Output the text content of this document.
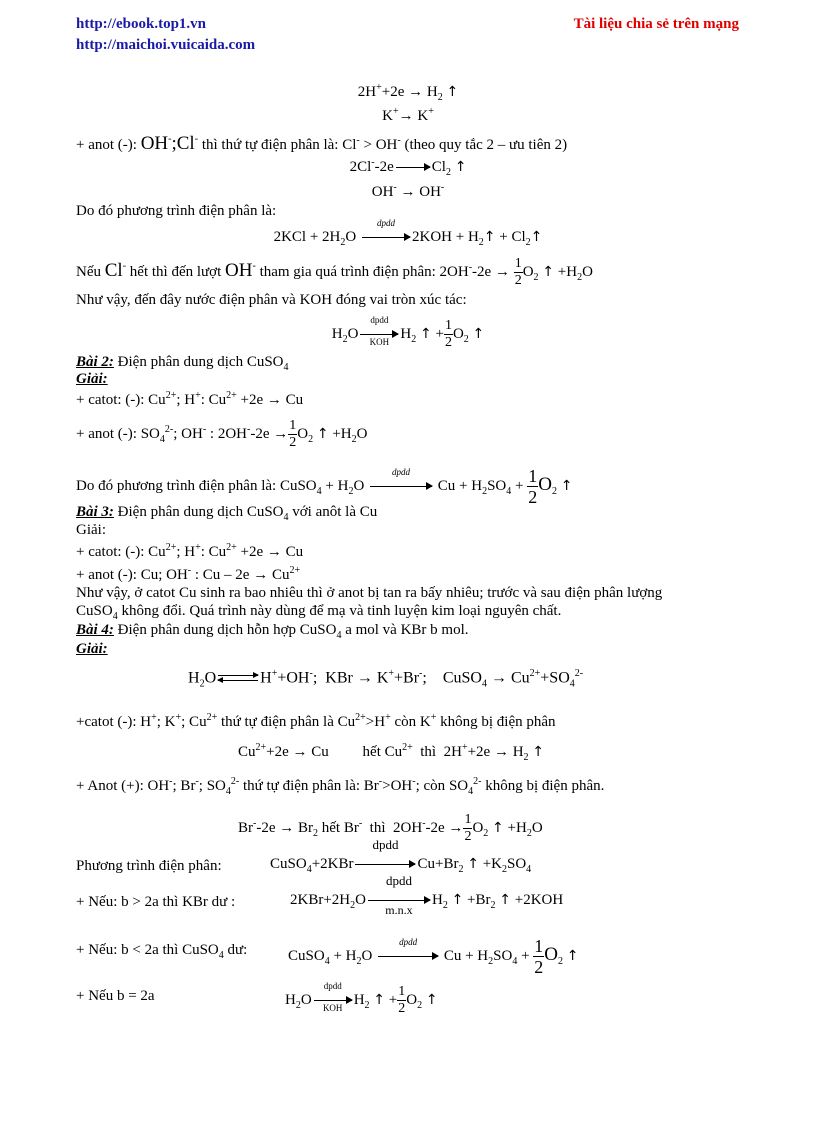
http://ebook.top1.vn
http://maichoi.vuicaida.com
Tài liệu chia sẻ trên mạng
$2H^++2e \to H_2$ ↑
K+→ K+
+ anot (-): OH-;Cl- thì thứ tự điện phân là: Cl- > OH- (theo quy tắc 2 – ưu tiên 2)
2Cl--2e	$Cl_2$ ↑
OH- → OH-
Do đó phương trình điện phân là:
$2KCl + 2H_2O$
dpdd
$2KOH + H_2↑$ + $Cl_2↑$
Nếu Cl- hết thì đến lượt OH- tham gia quá trình điện phân: $2OH^--2e \to \frac{1}{2} O_2$ ↑ $+H_2O$
Như vậy, đến đây nước điện phân và KOH đóng vai tròn xúc tác:
$H_2O$
dpdd
KOH $H_2$ ↑ + $\frac{1}{2} O_2$ ↑
Bài 2: Điện phân dung dịch CuSO$_4$
Giải:
+ catot: (-): $Cu^{2+}$; H+: $Cu^{2+} +2e \to Cu$
+ anot (-): $SO_4^{2-}$; OH- : $2OH^--2e \to \frac{1}{2} O_2$ ↑ $+H_2O$
Do đó phương trình điện phân là: CuSO$_4$ + $H_2O$
dpdd
$Cu + H_2SO_4 + \frac{1}{2} O_2$ ↑
Bài 3: Điện phân dung dịch CuSO$_4$ với anôt là Cu
Giải:
+ catot: (-): $Cu^{2+}$; H+: $Cu^{2+} +2e \to Cu$
+ anot (-): Cu; OH- : $Cu - 2e \to Cu^{2+}$
Như vậy, ở catot Cu sinh ra bao nhiêu thì ở anot bị tan ra bấy nhiêu; trước và sau điện phân lượng
CuSO$_4$ không đổi. Quá trình này dùng để mạ và tinh luyện kim loại nguyên chất.
Bài 4: Điện phân dung dịch hỗn hợp CuSO$_4$ a mol và KBr b mol.
Giải:
$H_2O$	H++OH-;  KBr → K++Br-;    CuSO$_4$ → $Cu^{2+}+SO_4^{2-}$
+catot (-): H+; K+; $Cu^{2+}$ thứ tự điện phân là $Cu^{2+}>H^+$ còn K+ không bị điện phân
$Cu^{2+}+2e \to Cu$         hết $Cu^{2+}$ thì  $2H^++2e \to H_2$ ↑
+ Anot (+): OH-; Br-; $SO_4^{2-}$ thứ tự điện phân là: Br->OH-; còn $SO_4^{2-}$ không bị điện phân.
$Br^--2e \to Br_2$ hết Br- thì  $2OH^--2e \to \frac{1}{2} O_2$ ↑ $+H_2O$
Phương trình điện phân:	CuSO$_4$+2KBr
dpdd
$Cu+Br_2$ ↑ $+K_2SO_4$
+ Nếu: b > 2a thì KBr dư :	$2KBr+2H_2O$
dpdd
m.n.x
$H_2$ ↑ $+Br_2$ ↑ +2KOH
+ Nếu: b < 2a thì CuSO$_4$ dư:	CuSO$_4$ + $H_2O$
dpdd
$Cu + H_2SO_4 + \frac{1}{2} O_2$ ↑
+ Nếu b = 2a	$H_2O$
dpdd
KOH $H_2$ ↑ + $\frac{1}{2} O_2$ ↑
